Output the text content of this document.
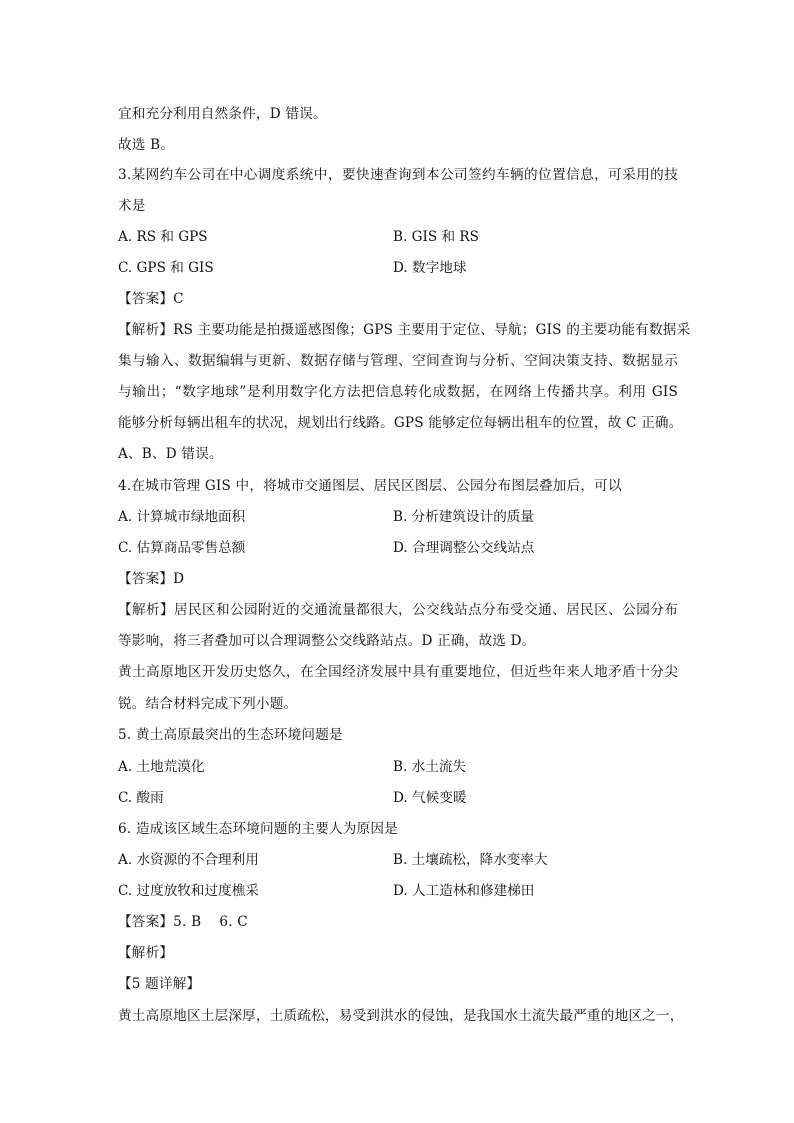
宜和充分利用自然条件，D 错误。
故选 B。
3.某网约车公司在中心调度系统中，要快速查询到本公司签约车辆的位置信息，可采用的技
术是
A. RS 和 GPS	B. GIS 和 RS
C. GPS 和 GIS	D. 数字地球
【答案】C
【解析】RS 主要功能是拍摄遥感图像；GPS 主要用于定位、导航；GIS 的主要功能有数据采
集与输入、数据编辑与更新、数据存储与管理、空间查询与分析、空间决策支持、数据显示
与输出；“数字地球”是利用数字化方法把信息转化成数据，在网络上传播共享。利用 GIS
能够分析每辆出租车的状况，规划出行线路。GPS 能够定位每辆出租车的位置，故 C 正确。
A、B、D 错误。
4.在城市管理 GIS 中，将城市交通图层、居民区图层、公园分布图层叠加后，可以
A. 计算城市绿地面积	B. 分析建筑设计的质量
C. 估算商品零售总额	D. 合理调整公交线站点
【答案】D
【解析】居民区和公园附近的交通流量都很大，公交线站点分布受交通、居民区、公园分布
等影响，将三者叠加可以合理调整公交线路站点。D 正确，故选 D。
黄土高原地区开发历史悠久，在全国经济发展中具有重要地位，但近些年来人地矛盾十分尖
锐。结合材料完成下列小题。
5. 黄土高原最突出的生态环境问题是
A. 土地荒漠化	B. 水土流失
C. 酸雨	D. 气候变暖
6. 造成该区域生态环境问题的主要人为原因是
A. 水资源的不合理利用	B. 土壤疏松，降水变率大
C. 过度放牧和过度樵采	D. 人工造林和修建梯田
【答案】5. B    6. C
【解析】
【5 题详解】
黄土高原地区土层深厚，土质疏松，易受到洪水的侵蚀，是我国水土流失最严重的地区之一，
